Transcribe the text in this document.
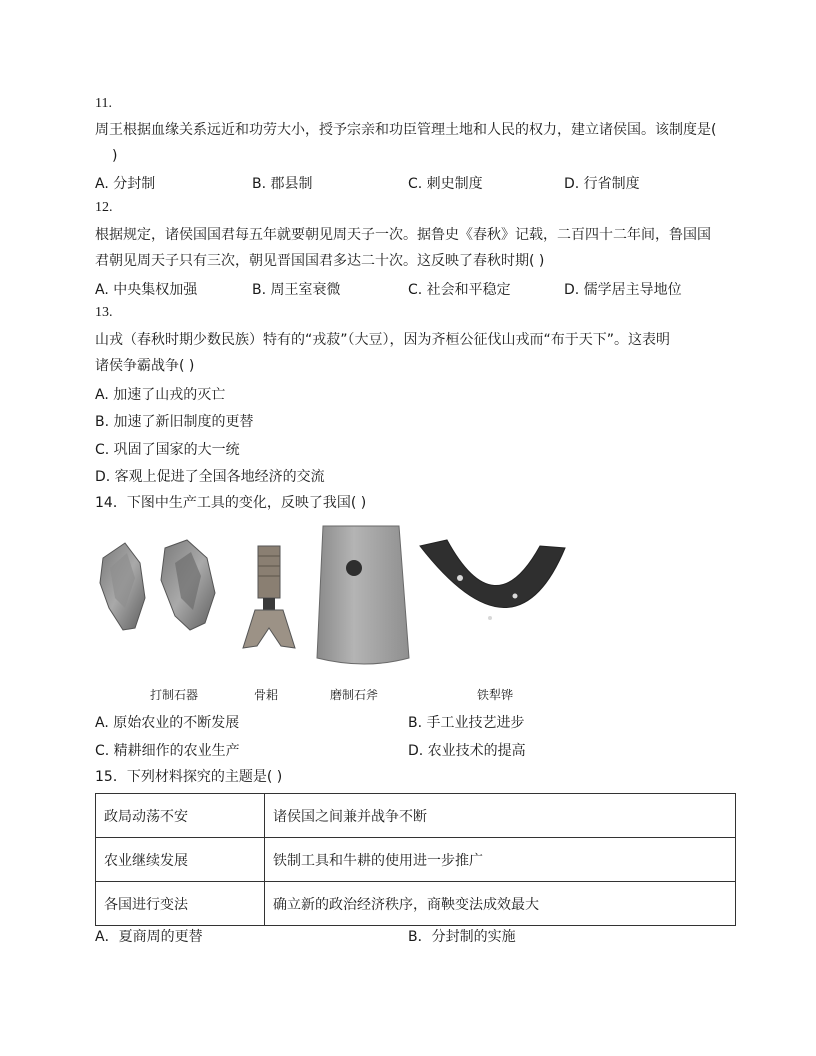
11.
周王根据血缘关系远近和功劳大小，授予宗亲和功臣管理土地和人民的权力，建立诸侯国。该制度是(
)
A. 分封制	B. 郡县制	C. 刺史制度	D. 行省制度
12.
根据规定，诸侯国国君每五年就要朝见周天子一次。据鲁史《春秋》记载，二百四十二年间，鲁国国
君朝见周天子只有三次，朝见晋国国君多达二十次。这反映了春秋时期( )
A. 中央集权加强	B. 周王室衰微	C. 社会和平稳定	D. 儒学居主导地位
13.
山戎（春秋时期少数民族）特有的“戎菽”（大豆），因为齐桓公征伐山戎而“布于天下”。这表明
诸侯争霸战争( )
A. 加速了山戎的灭亡
B. 加速了新旧制度的更替
C. 巩固了国家的大一统
D. 客观上促进了全国各地经济的交流
14．下图中生产工具的变化，反映了我国( )
打制石器	骨耜	磨制石斧	铁犁铧
A. 原始农业的不断发展	B. 手工业技艺进步
C. 精耕细作的农业生产	D. 农业技术的提高
15．下列材料探究的主题是( )
政局动荡不安	诸侯国之间兼并战争不断
农业继续发展	铁制工具和牛耕的使用进一步推广
各国进行变法	确立新的政治经济秩序，商鞅变法成效最大
A．夏商周的更替	B．分封制的实施
